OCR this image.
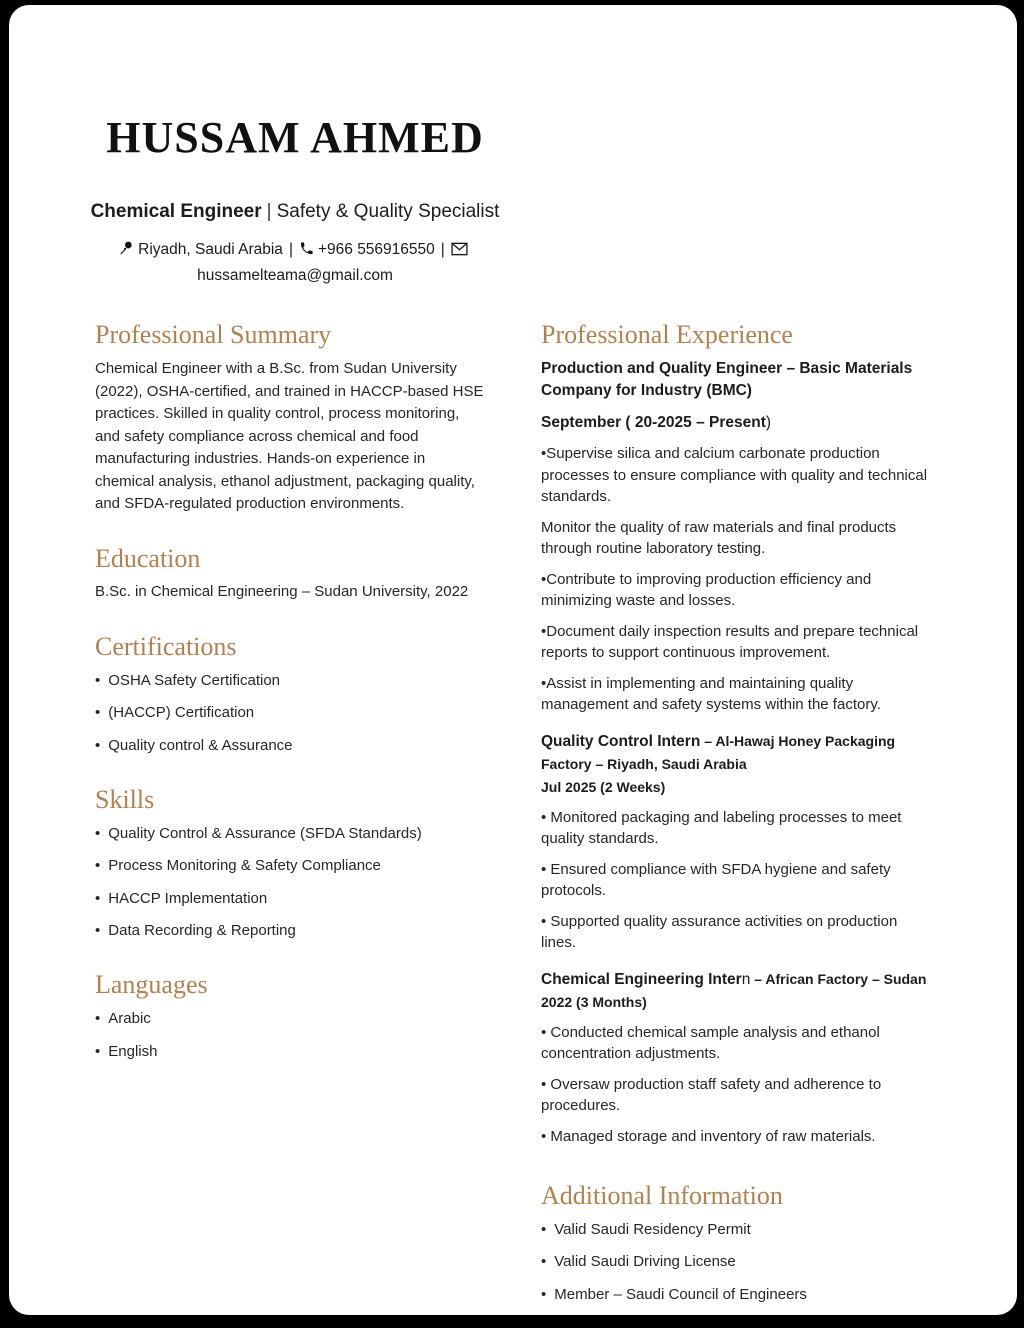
HUSSAM AHMED
Chemical Engineer | Safety & Quality Specialist
Riyadh, Saudi Arabia | +966 556916550 |
hussamelteama@gmail.com
Professional Summary

Chemical Engineer with a B.Sc. from Sudan University (2022), OSHA-certified, and trained in HACCP-based HSE practices. Skilled in quality control, process monitoring, and safety compliance across chemical and food manufacturing industries. Hands-on experience in chemical analysis, ethanol adjustment, packaging quality, and SFDA-regulated production environments.

Education

B.Sc. in Chemical Engineering – Sudan University, 2022

Certifications
• OSHA Safety Certification
• (HACCP) Certification
• Quality control & Assurance
Skills
• Quality Control & Assurance (SFDA Standards)
• Process Monitoring & Safety Compliance
• HACCP Implementation
• Data Recording & Reporting
Languages
• Arabic
• English
Professional Experience

Production and Quality Engineer – Basic Materials Company for Industry (BMC)

September ( 20-2025 – Present)

•Supervise silica and calcium carbonate production processes to ensure compliance with quality and technical standards.

Monitor the quality of raw materials and final products through routine laboratory testing.

•Contribute to improving production efficiency and minimizing waste and losses.

•Document daily inspection results and prepare technical reports to support continuous improvement.

•Assist in implementing and maintaining quality management and safety systems within the factory.

Quality Control Intern – Al-Hawaj Honey Packaging Factory – Riyadh, Saudi Arabia

Jul 2025 (2 Weeks)

• Monitored packaging and labeling processes to meet quality standards.

• Ensured compliance with SFDA hygiene and safety protocols.

• Supported quality assurance activities on production lines.

Chemical Engineering Intern – African Factory – Sudan

2022 (3 Months)

• Conducted chemical sample analysis and ethanol concentration adjustments.

• Oversaw production staff safety and adherence to procedures.

• Managed storage and inventory of raw materials.

Additional Information
• Valid Saudi Residency Permit
• Valid Saudi Driving License
• Member – Saudi Council of Engineers
